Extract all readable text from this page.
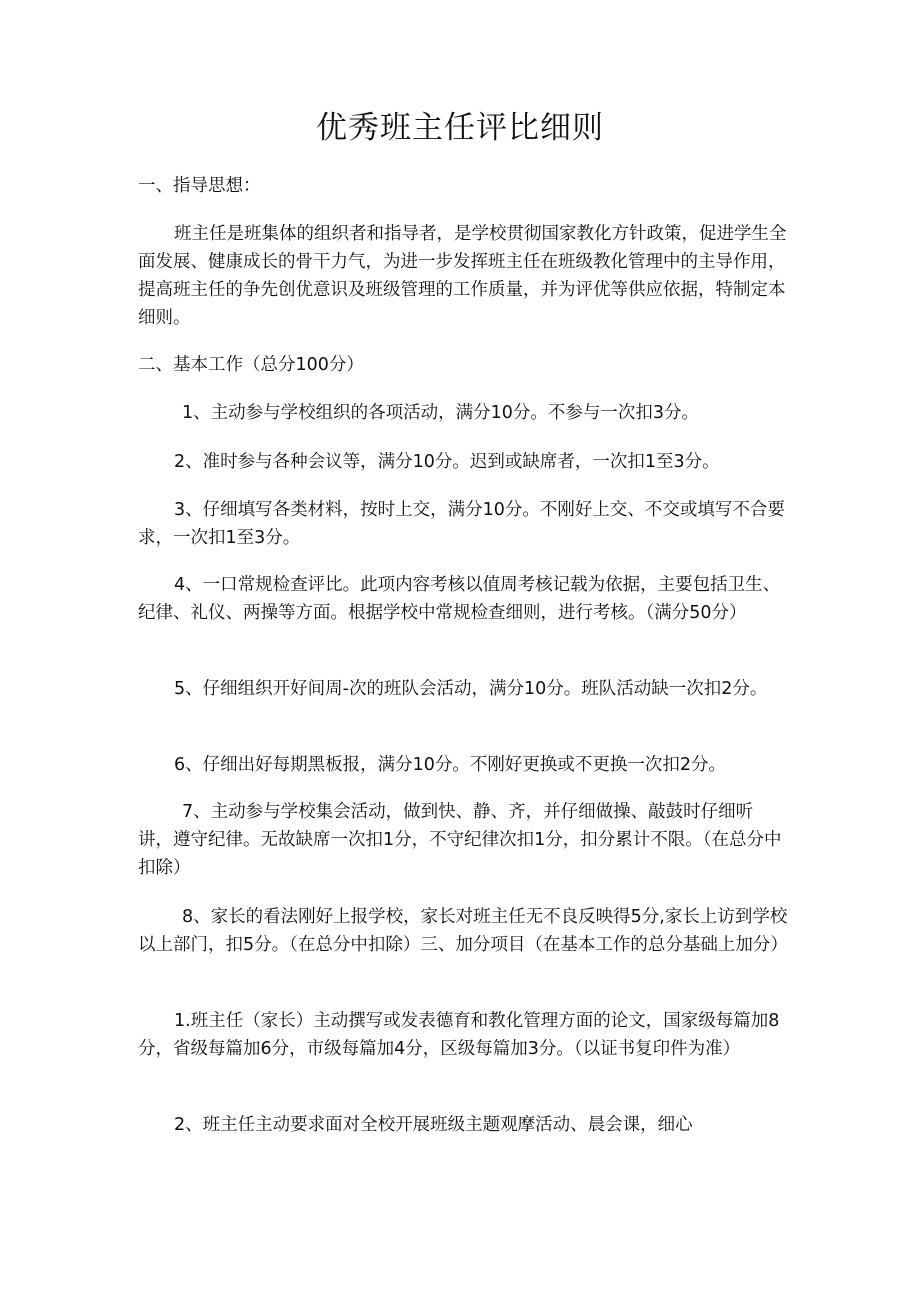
优秀班主任评比细则

一、指导思想：

班主任是班集体的组织者和指导者，是学校贯彻国家教化方针政策，促进学生全面发展、健康成长的骨干力气，为进一步发挥班主任在班级教化管理中的主导作用，提高班主任的争先创优意识及班级管理的工作质量，并为评优等供应依据，特制定本细则。

二、基本工作（总分100分）

1、主动参与学校组织的各项活动，满分10分。不参与一次扣3分。

2、准时参与各种会议等，满分10分。迟到或缺席者，一次扣1至3分。

3、仔细填写各类材料，按时上交，满分10分。不刚好上交、不交或填写不合要求，一次扣1至3分。

4、一口常规检查评比。此项内容考核以值周考核记载为依据，主要包括卫生、纪律、礼仪、两操等方面。根据学校中常规检查细则，进行考核。（满分50分）

5、仔细组织开好间周-次的班队会活动，满分10分。班队活动缺一次扣2分。

6、仔细出好每期黑板报，满分10分。不刚好更换或不更换一次扣2分。

7、主动参与学校集会活动，做到快、静、齐，并仔细做操、敲鼓时仔细听讲，遵守纪律。无故缺席一次扣1分，不守纪律次扣1分，扣分累计不限。（在总分中扣除）

8、家长的看法刚好上报学校，家长对班主任无不良反映得5分,家长上访到学校以上部门，扣5分。（在总分中扣除）三、加分项目（在基本工作的总分基础上加分）

1.班主任（家长）主动撰写或发表德育和教化管理方面的论文，国家级每篇加8分，省级每篇加6分，市级每篇加4分，区级每篇加3分。（以证书复印件为准）

2、班主任主动要求面对全校开展班级主题观摩活动、晨会课，细心
